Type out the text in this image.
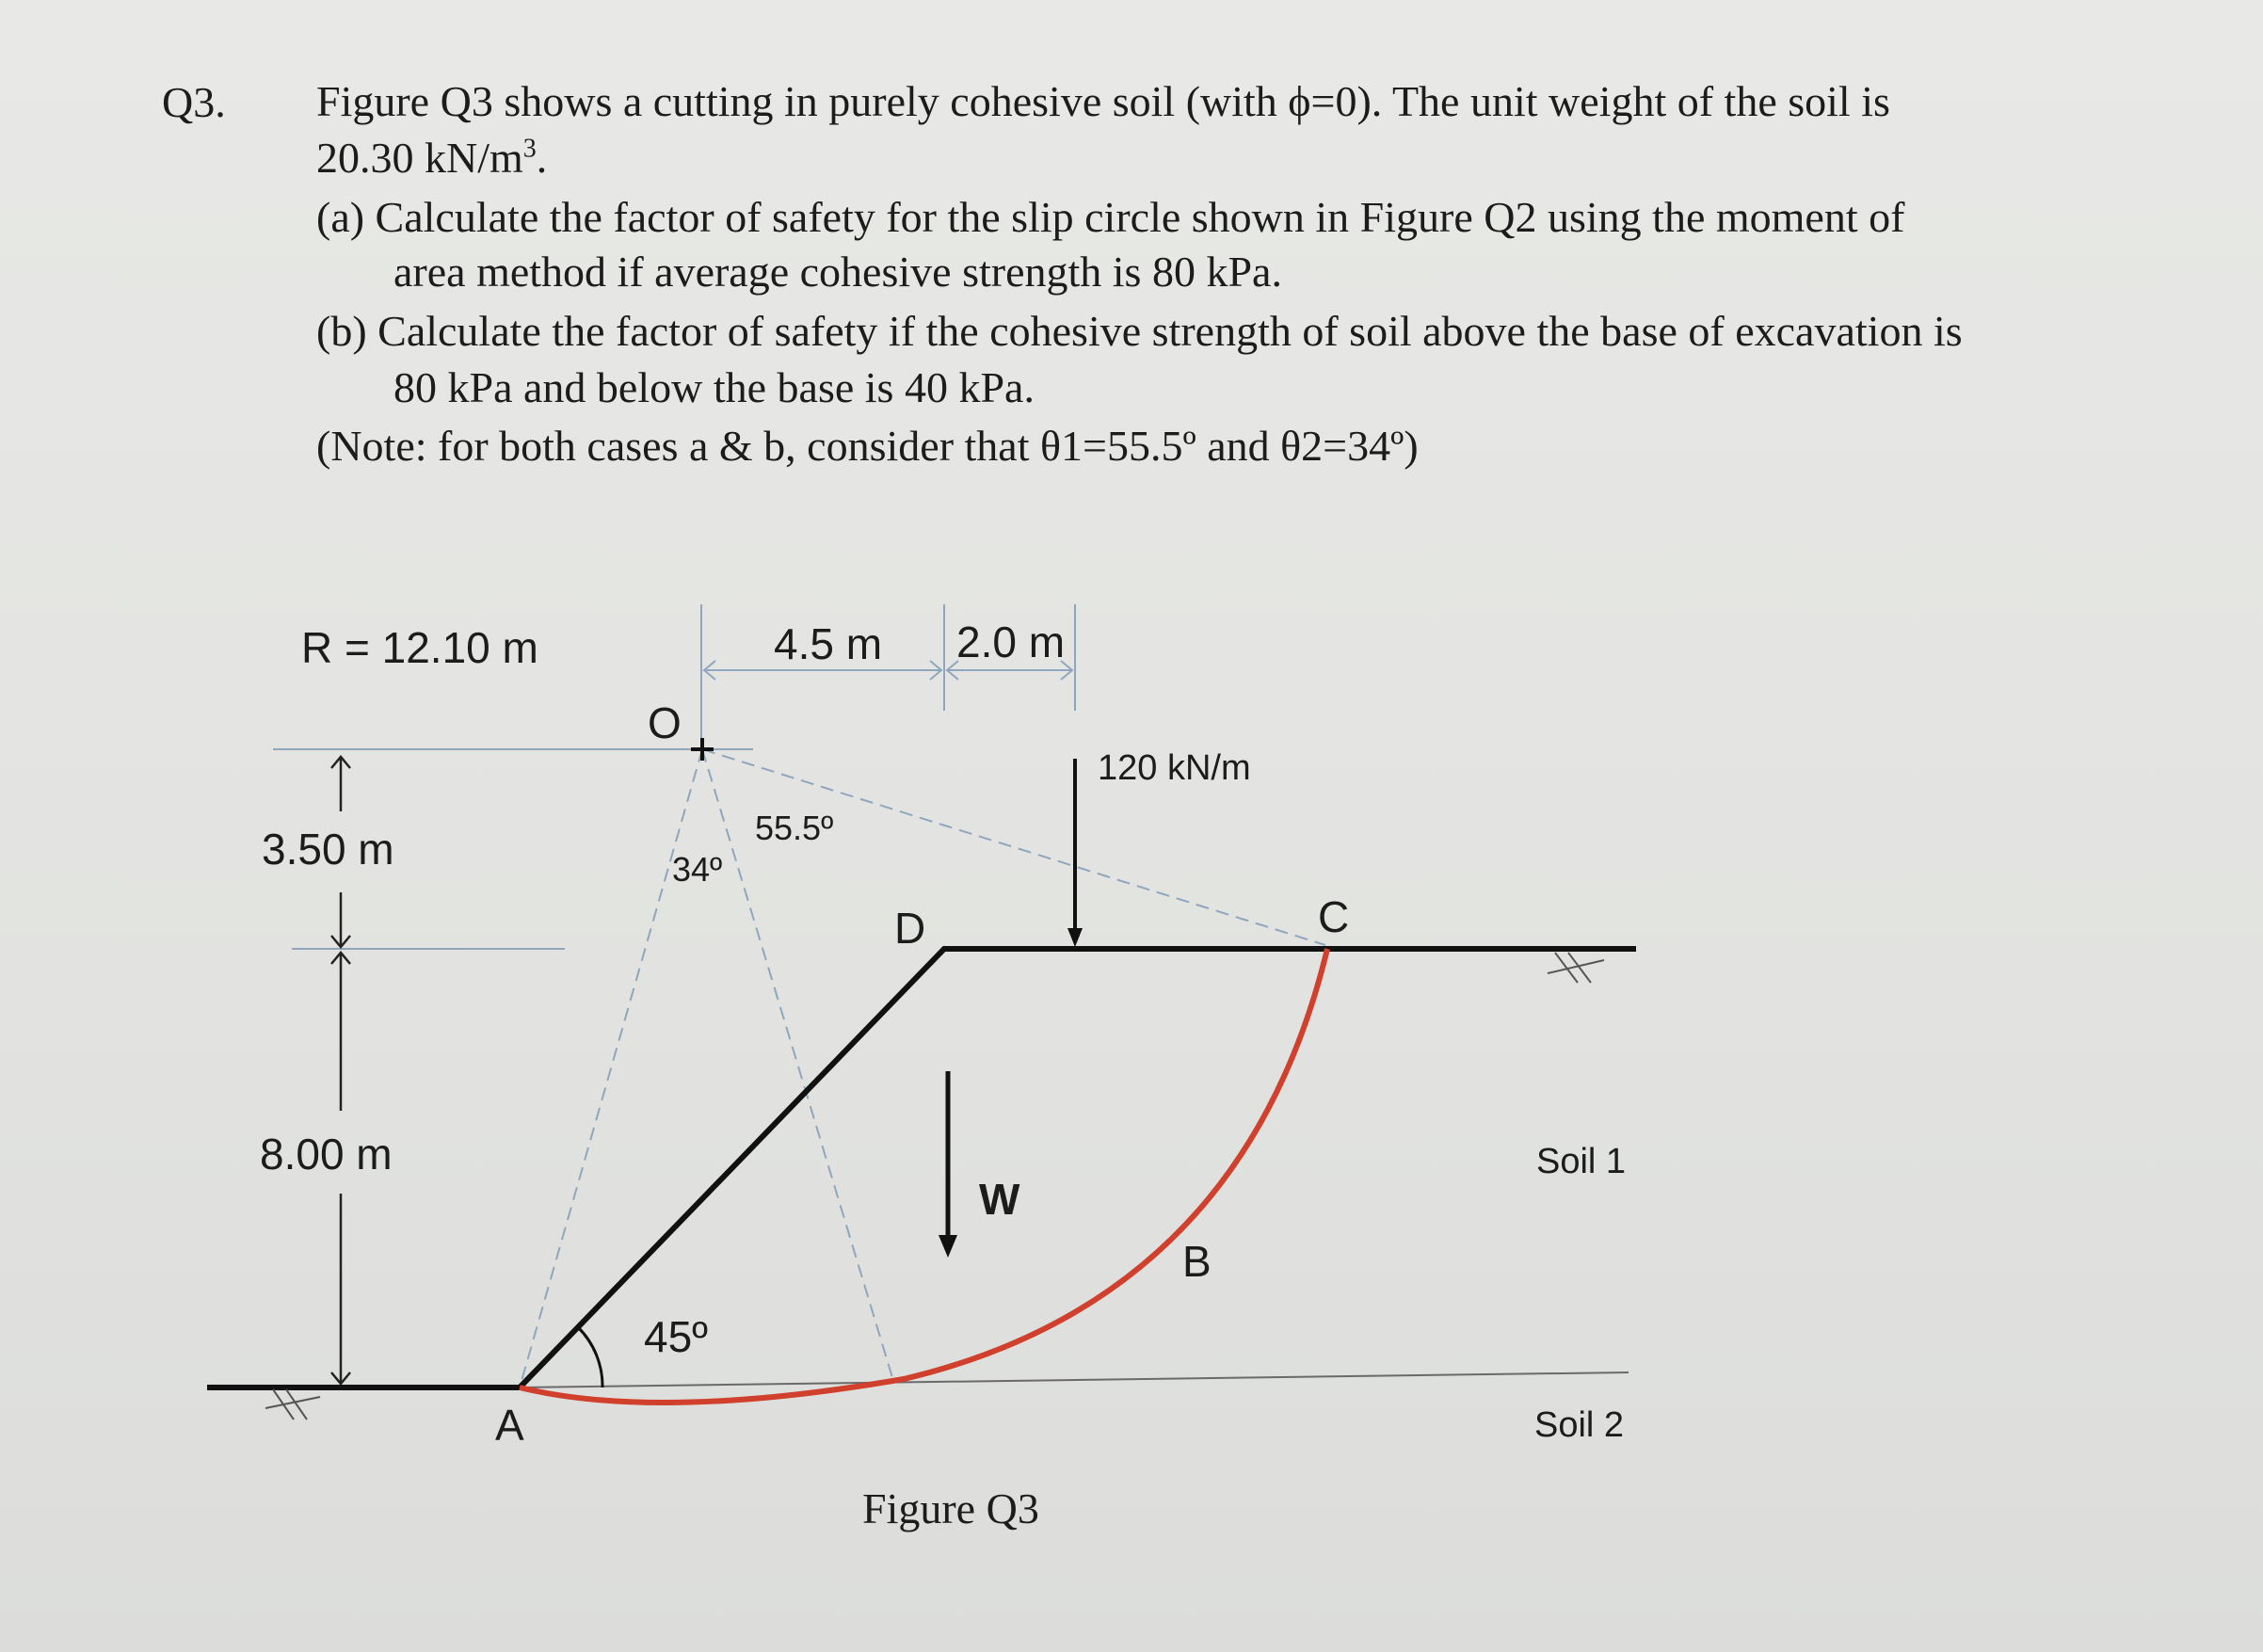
Q3. Figure Q3 shows a cutting in purely cohesive soil (with ϕ=0). The unit weight of the soil is
20.30 $kN/m^3$.
(a) Calculate the factor of safety for the slip circle shown in Figure Q2 using the moment of
area method if average cohesive strength is 80 kPa.
(b) Calculate the factor of safety if the cohesive strength of soil above the base of excavation is
80 kPa and below the base is 40 kPa.
(Note: for both cases a & b, consider that θ1=55.5º and θ2=34º)
R = 12.10 m	4.5 m 2.0 m
O
120 kN/m
55.5º
34º
3.50 m
8.00 m
D	C
B
A
W
45º
Soil 1
Soil 2
Figure Q3
